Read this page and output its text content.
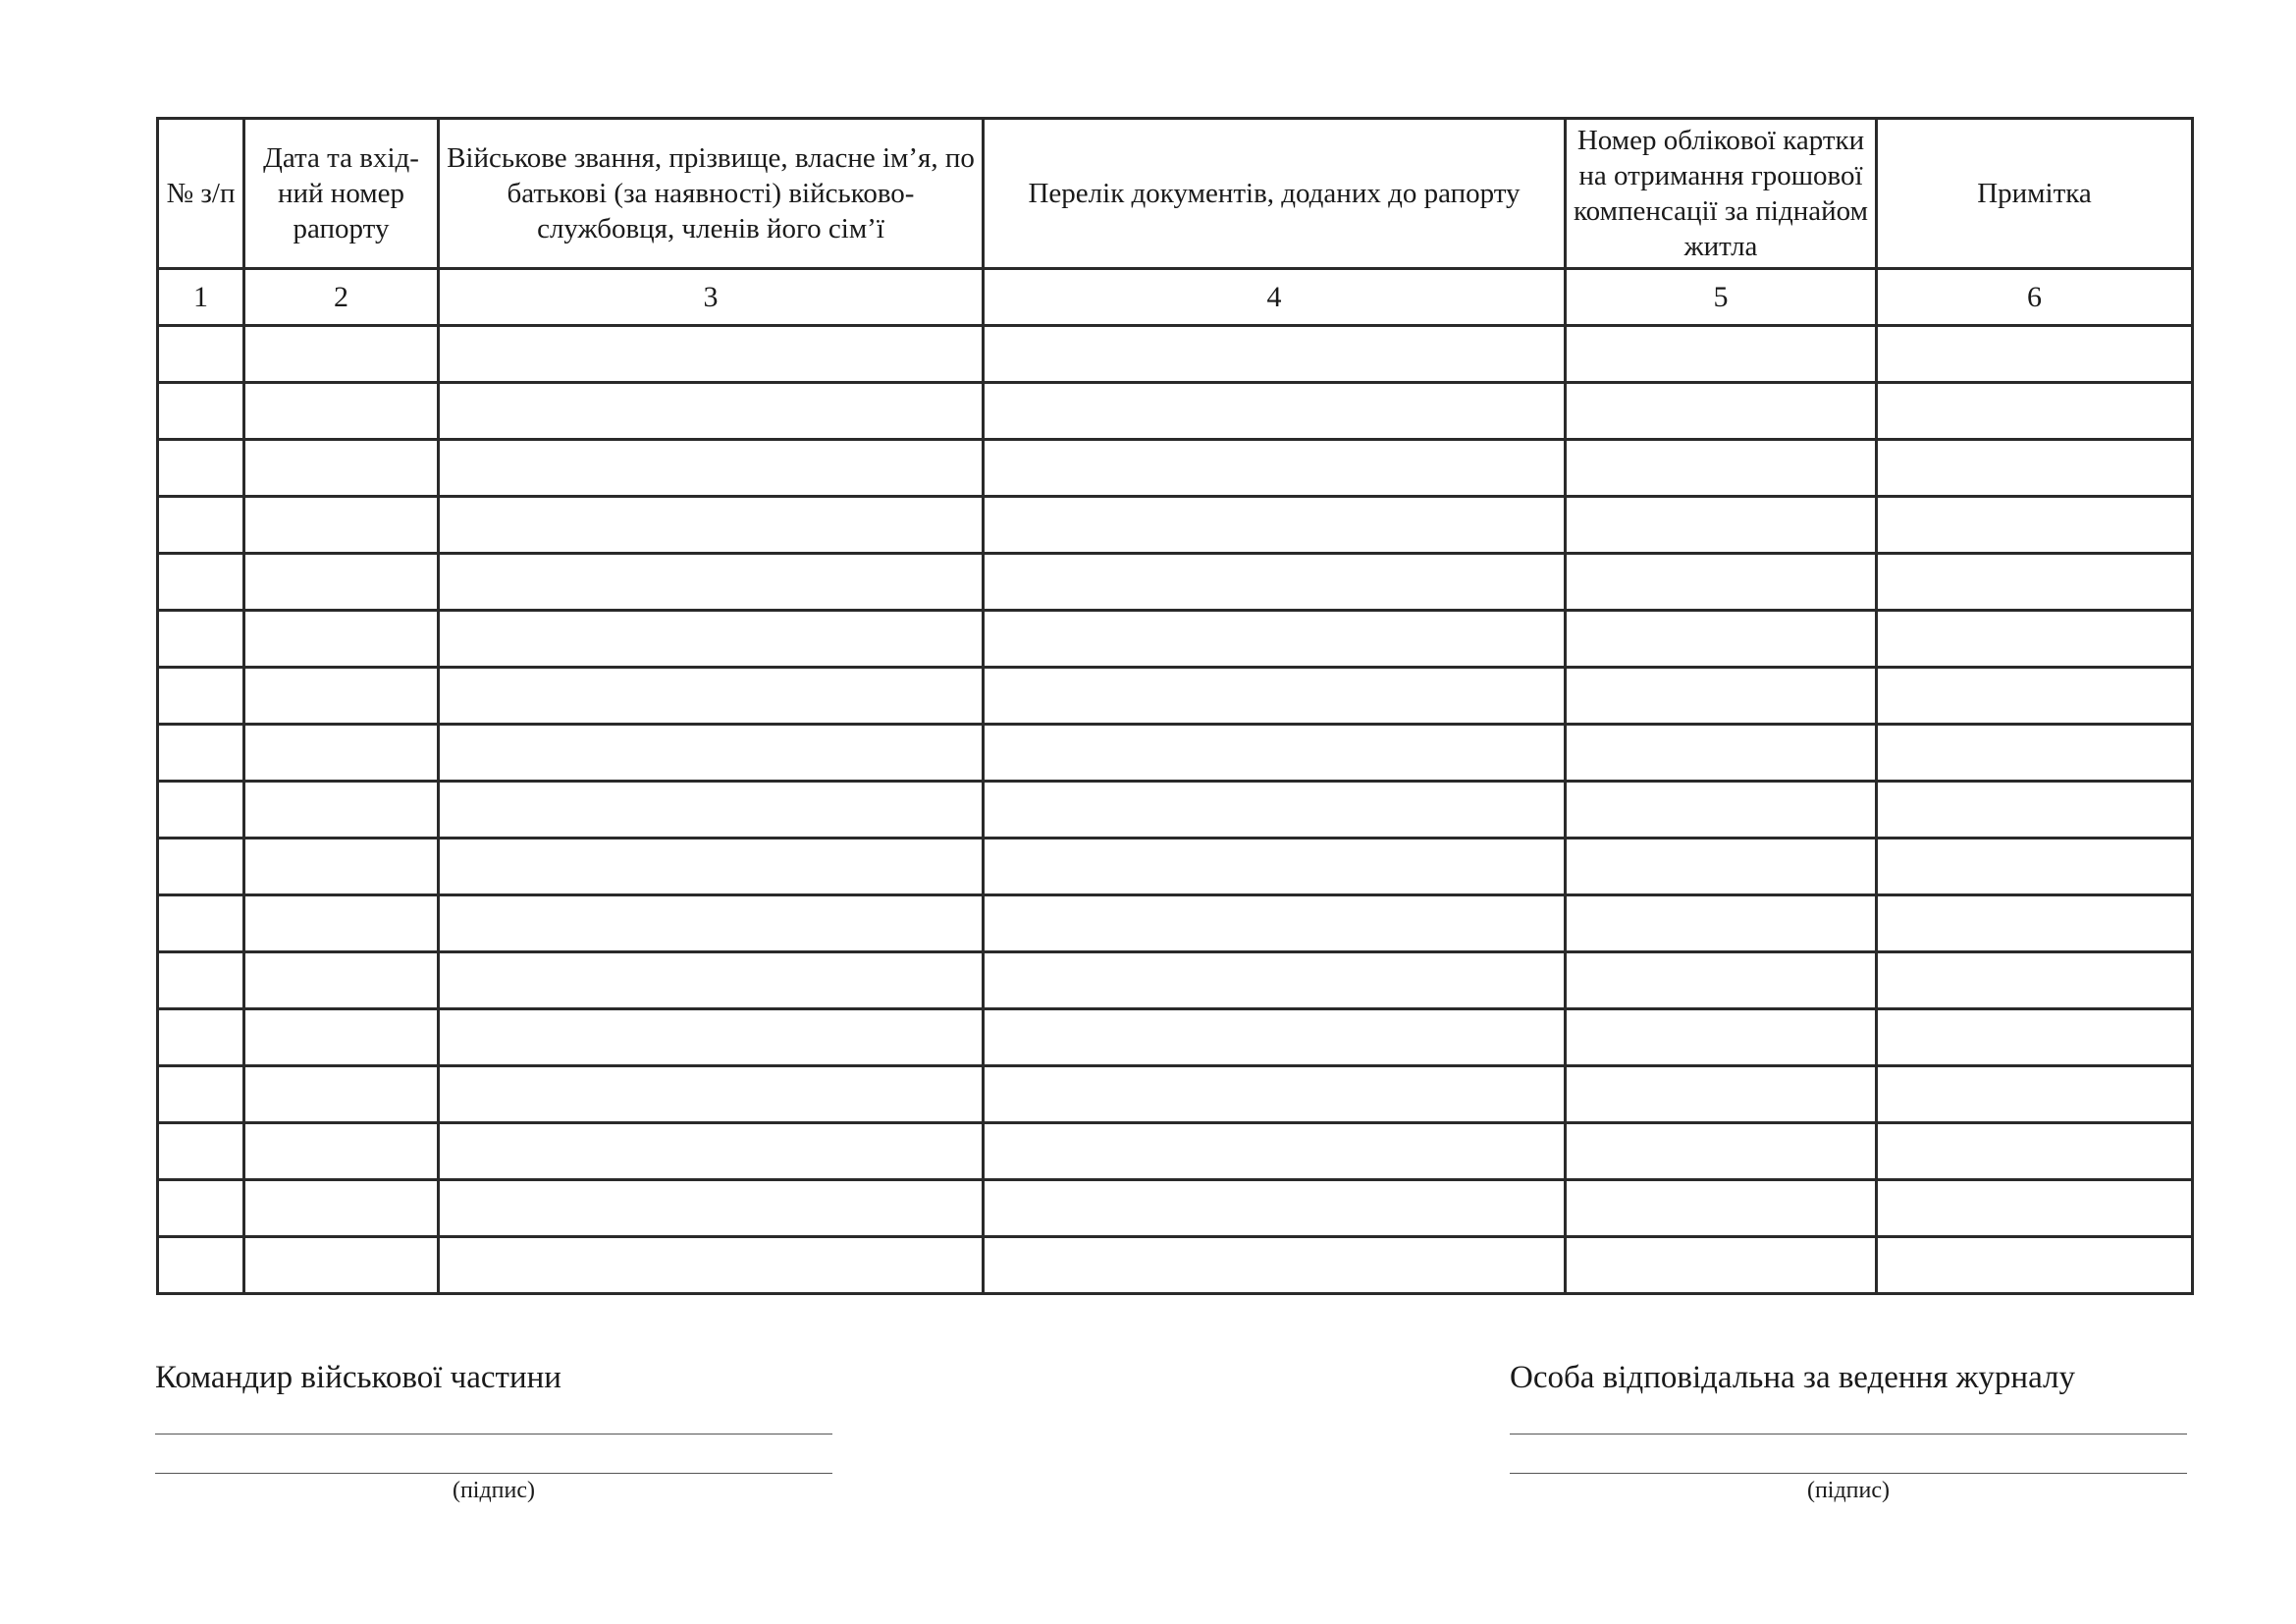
№ з/п	Дата та вхід-ний номер рапорту	Військове звання, прізвище, власне ім’я, по батькові (за наявності) військово-службовця, членів його сім’ї	Перелік документів, доданих до рапорту	Номер облікової картки на отримання грошової компенсації за піднайом житла	Примітка
1	2	3	4	5	6

Командир військової частини
(підпис)
Особа відповідальна за ведення журналу
(підпис)
